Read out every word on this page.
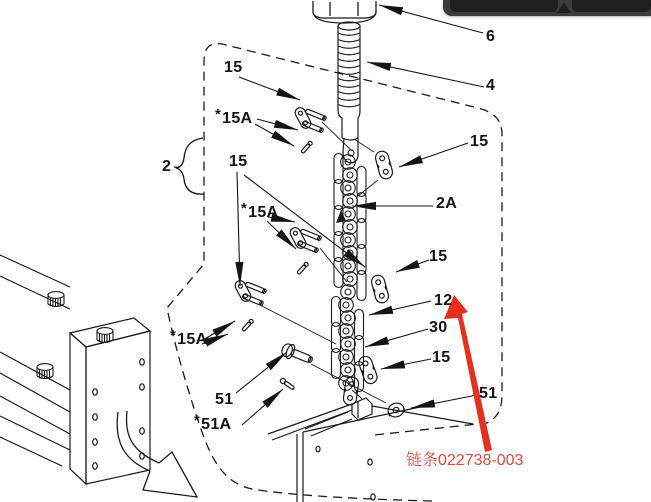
6
4
15
*15A
2	15
*15A
15
2A
15
12
30
15
51
*15A
51
*51A
链条022738-003
